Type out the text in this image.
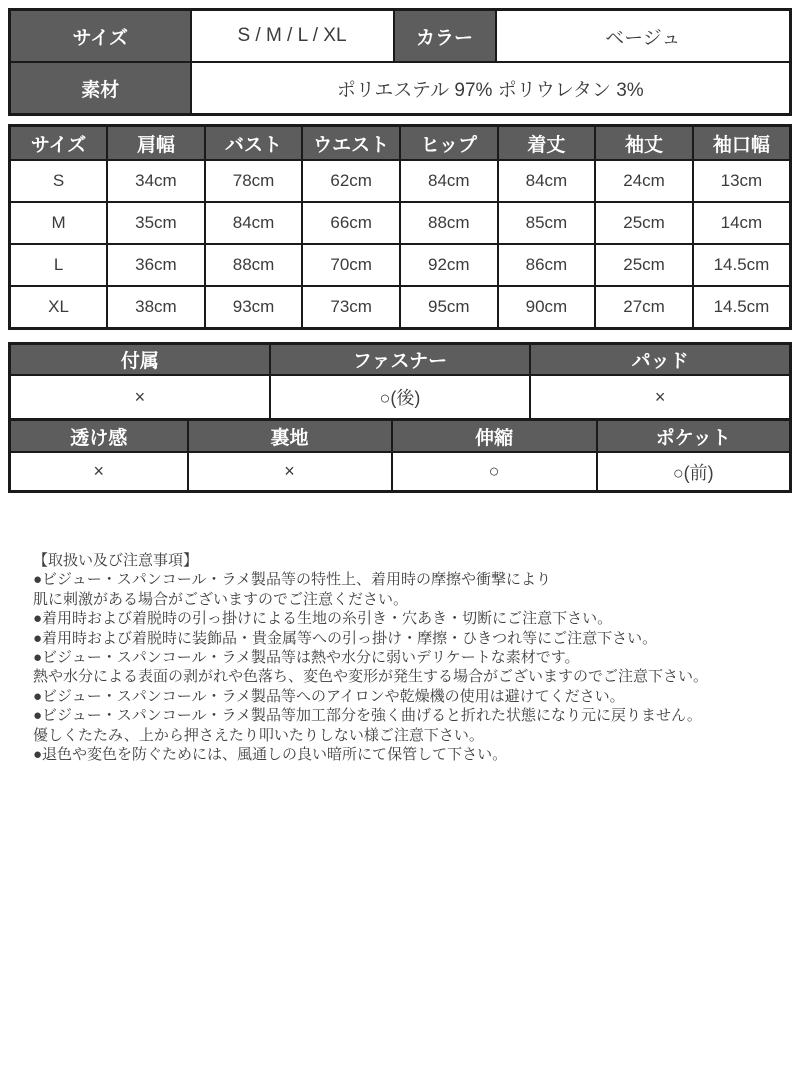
サイズ	S / M / L / XL	カラー	ベージュ
素材	ポリエステル 97% ポリウレタン 3%		
サイズ	肩幅	バスト	ウエスト	ヒップ	着丈	袖丈	袖口幅
S	34cm	78cm	62cm	84cm	84cm	24cm	13cm
M	35cm	84cm	66cm	88cm	85cm	25cm	14cm
L	36cm	88cm	70cm	92cm	86cm	25cm	14.5cm
XL	38cm	93cm	73cm	95cm	90cm	27cm	14.5cm
付属	ファスナー	パッド
×	○(後)	×
透け感	裏地	伸縮	ポケット
×	×	○	○(前)
【取扱い及び注意事項】
●ビジュー・スパンコール・ラメ製品等の特性上、着用時の摩擦や衝撃により
肌に刺激がある場合がございますのでご注意ください。
●着用時および着脱時の引っ掛けによる生地の糸引き・穴あき・切断にご注意下さい。
●着用時および着脱時に装飾品・貴金属等への引っ掛け・摩擦・ひきつれ等にご注意下さい。
●ビジュー・スパンコール・ラメ製品等は熱や水分に弱いデリケートな素材です。
熱や水分による表面の剥がれや色落ち、変色や変形が発生する場合がございますのでご注意下さい。
●ビジュー・スパンコール・ラメ製品等へのアイロンや乾燥機の使用は避けてください。
●ビジュー・スパンコール・ラメ製品等加工部分を強く曲げると折れた状態になり元に戻りません。
優しくたたみ、上から押さえたり叩いたりしない様ご注意下さい。
●退色や変色を防ぐためには、風通しの良い暗所にて保管して下さい。
